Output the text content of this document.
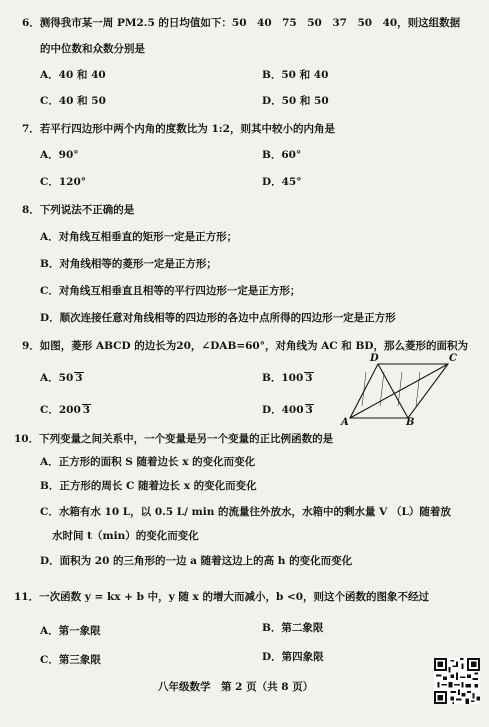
6．测得我市某一周 PM2.5 的日均值如下：50　40　75　50　37　50　40，则这组数据
的中位数和众数分别是
A．40 和 40	B．50 和 40
C．40 和 50	D．50 和 50
7．若平行四边形中两个内角的度数比为 1:2，则其中较小的内角是
A．90°	B．60°
C．120°	D．45°
8．下列说法不正确的是
A．对角线互相垂直的矩形一定是正方形；
B．对角线相等的菱形一定是正方形；
C．对角线互相垂直且相等的平行四边形一定是正方形；
D．顺次连接任意对角线相等的四边形的各边中点所得的四边形一定是正方形
9．如图，菱形 ABCD 的边长为20，∠DAB=60°，对角线为 AC 和 BD，那么菱形的面积为
A．50 3	B．100 3
C．200 3	D．400 3
D	C
A	B
10．下列变量之间关系中，一个变量是另一个变量的正比例函数的是
A．正方形的面积 S 随着边长 x 的变化而变化
B．正方形的周长 C 随着边长 x 的变化而变化
C．水箱有水 10 L，以 0.5 L/ min 的流量往外放水，水箱中的剩水量 V （L）随着放
水时间 t（min）的变化而变化
D．面积为 20 的三角形的一边 a 随着这边上的高 h 的变化而变化
11．一次函数 y = kx + b 中，y 随 x 的增大而减小，b <0，则这个函数的图象不经过
A．第一象限	B．第二象限
C．第三象限	D．第四象限
八年级数学　第 2 页（共 8 页）
